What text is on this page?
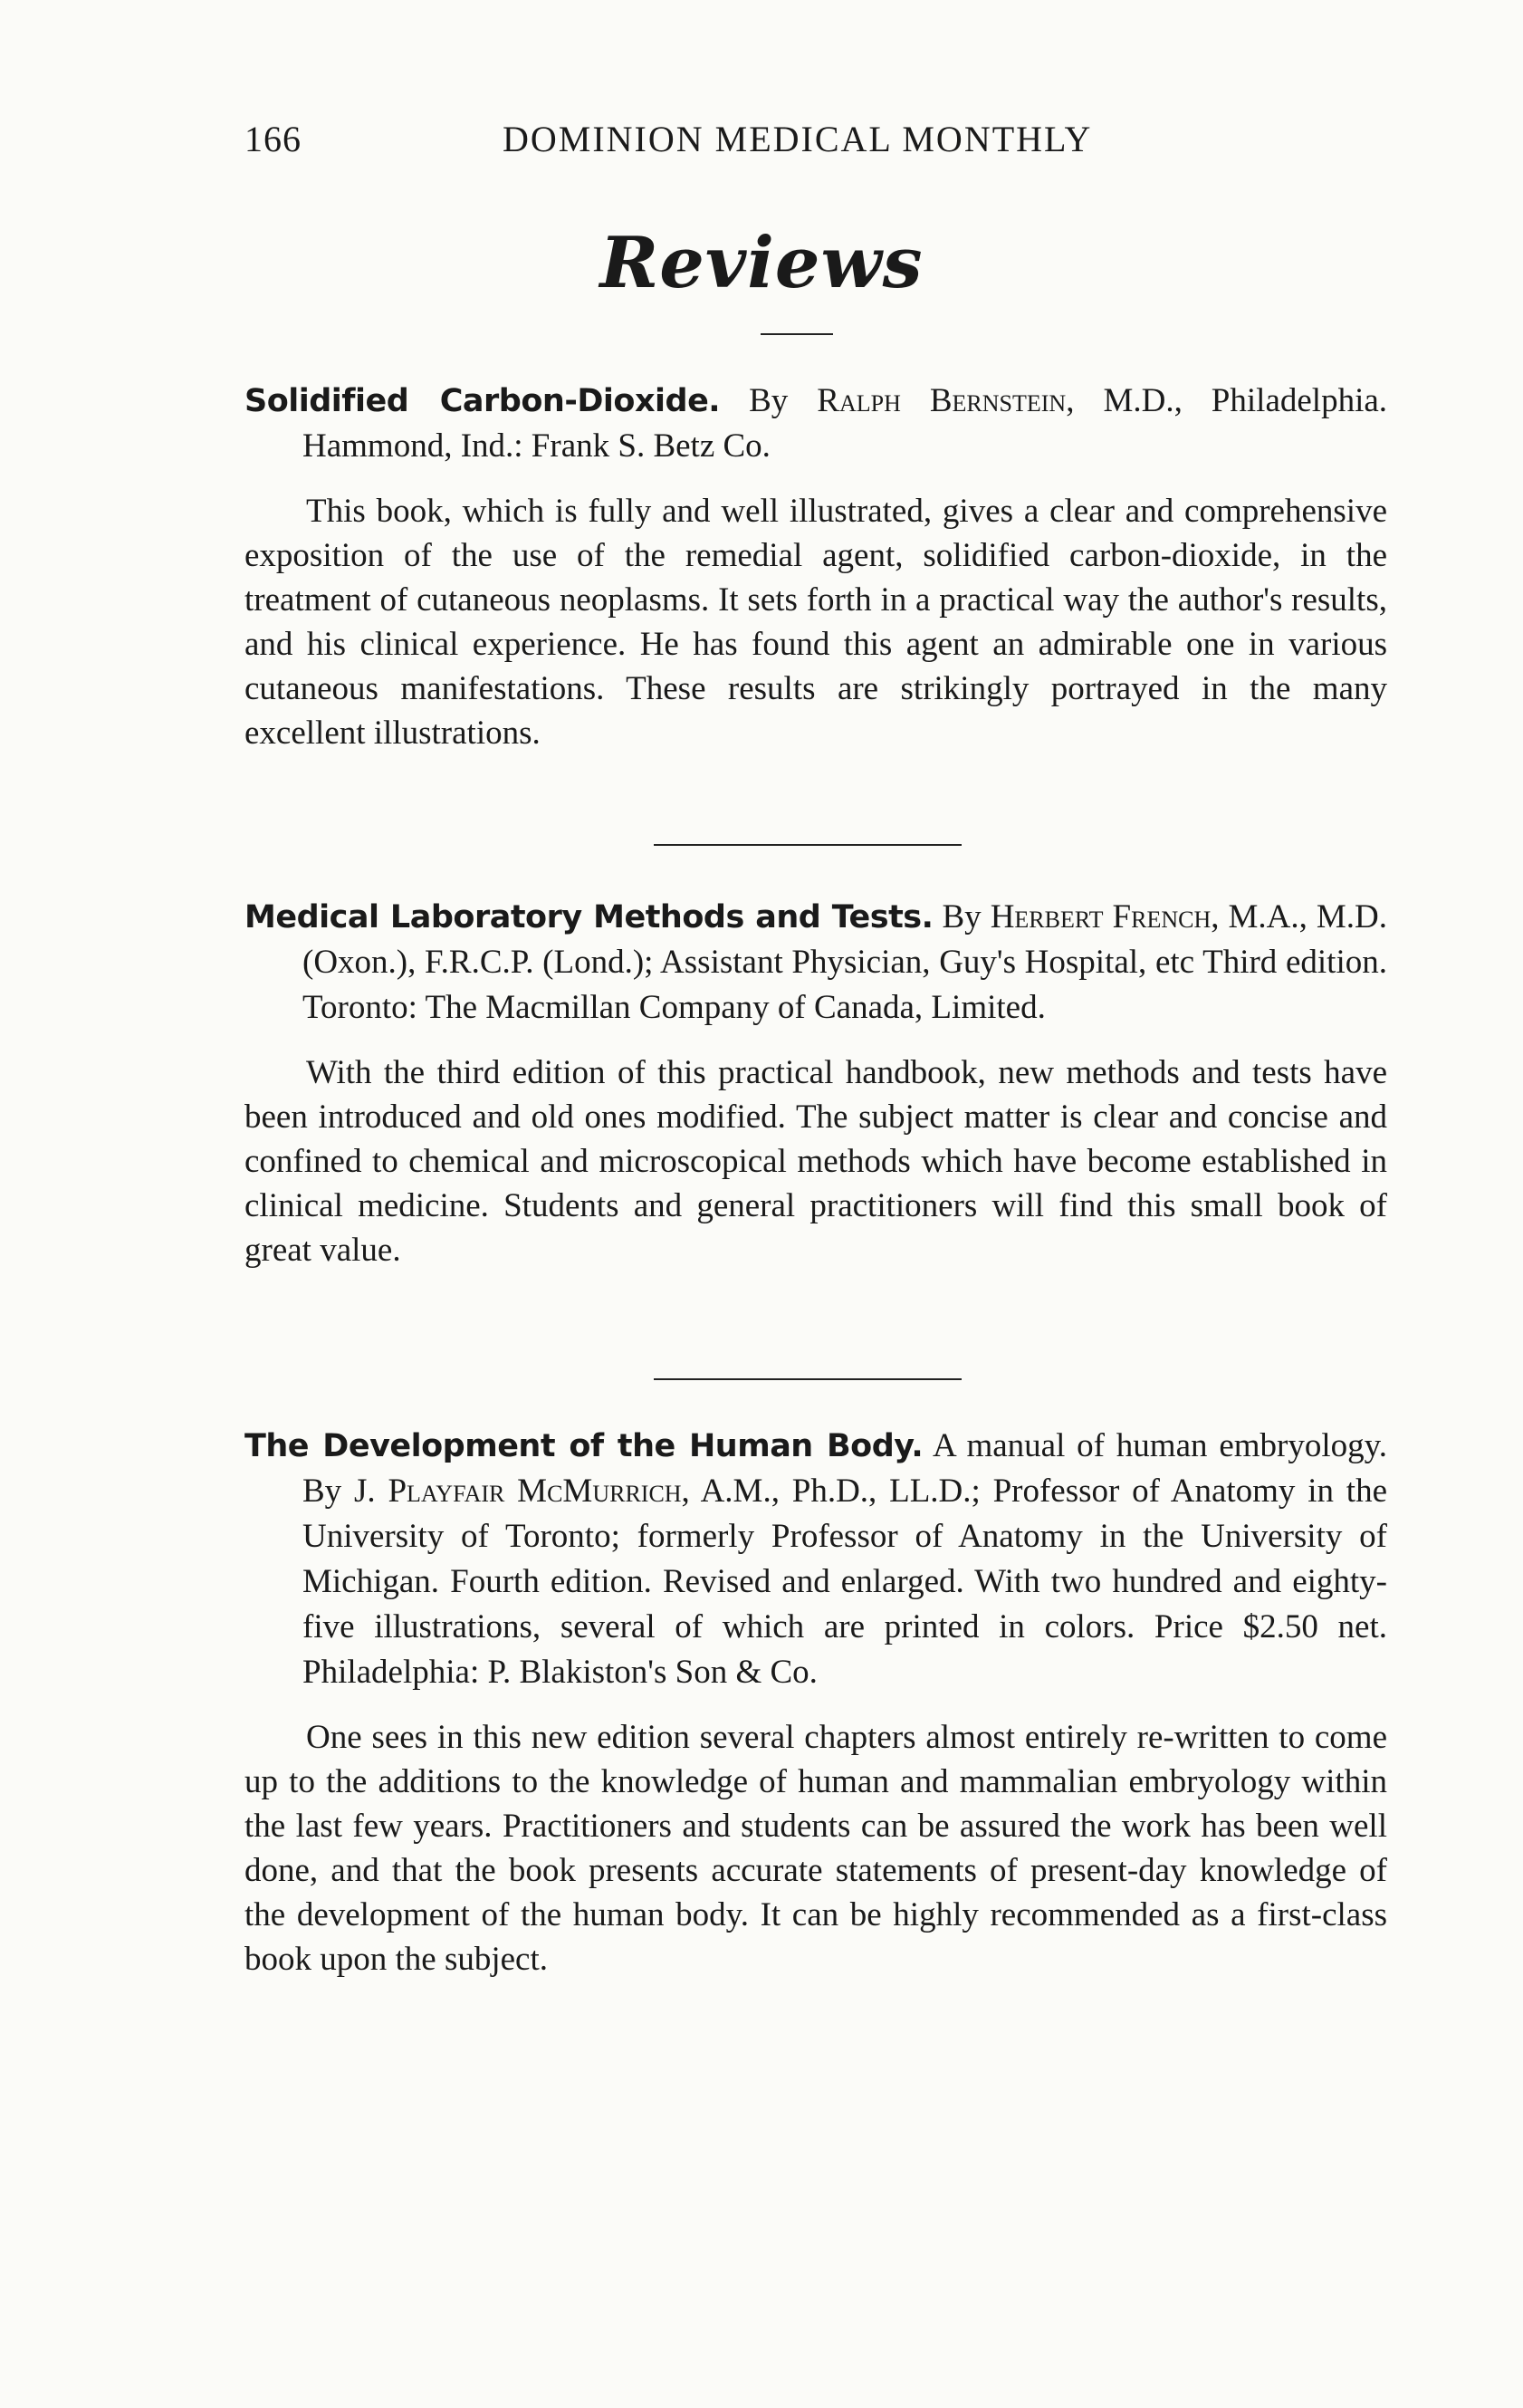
166	DOMINION MEDICAL MONTHLY
Reviews

Solidified Carbon-Dioxide. By Ralph Bernstein, M.D., Philadelphia. Hammond, Ind.: Frank S. Betz Co.

This book, which is fully and well illustrated, gives a clear and comprehensive exposition of the use of the remedial agent, solidified carbon-dioxide, in the treatment of cutaneous neoplasms. It sets forth in a practical way the author's results, and his clinical experience. He has found this agent an admirable one in various cutaneous manifestations. These results are strikingly portrayed in the many excellent illustrations.

Medical Laboratory Methods and Tests. By Herbert French, M.A., M.D. (Oxon.), F.R.C.P. (Lond.); Assistant Physician, Guy's Hospital, etc Third edition. Toronto: The Macmillan Company of Canada, Limited.

With the third edition of this practical handbook, new methods and tests have been introduced and old ones modified. The subject matter is clear and concise and confined to chemical and microscopical methods which have become established in clinical medicine. Students and general practitioners will find this small book of great value.

The Development of the Human Body. A manual of human embryology. By J. Playfair McMurrich, A.M., Ph.D., LL.D.; Professor of Anatomy in the University of Toronto; formerly Professor of Anatomy in the University of Michigan. Fourth edition. Revised and enlarged. With two hundred and eighty-five illustrations, several of which are printed in colors. Price $2.50 net. Philadelphia: P. Blakiston's Son & Co.

One sees in this new edition several chapters almost entirely re-written to come up to the additions to the knowledge of human and mammalian embryology within the last few years. Practitioners and students can be assured the work has been well done, and that the book presents accurate statements of present-day knowledge of the development of the human body. It can be highly recommended as a first-class book upon the subject.
